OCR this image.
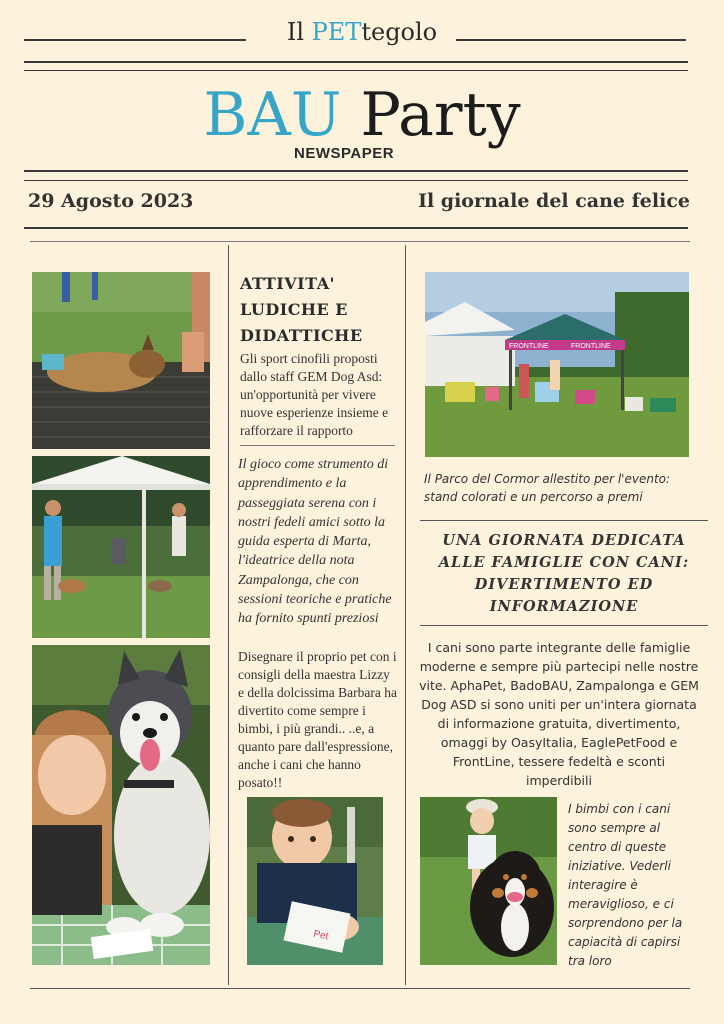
Il PETtegolo
BAU Party
NEWSPAPER
29 Agosto 2023	Il giornale del cane felice
ATTIVITA'
LUDICHE E
DIDATTICHE
Gli sport cinofili proposti dallo staff GEM Dog Asd: un'opportunità per vivere nuove esperienze insieme e rafforzare il rapporto
Il gioco come strumento di apprendimento e la passeggiata serena con i nostri fedeli amici sotto la guida esperta di Marta, l'ideatrice della nota Zampalonga, che con sessioni teoriche e pratiche ha fornito spunti preziosi
Disegnare il proprio pet con i consigli della maestra Lizzy e della dolcissima Barbara ha divertito come sempre i bimbi, i più grandi.. ..e, a quanto pare dall'espressione, anche i cani che hanno posato!!
Pet
FRONTLINE	FRONTLINE
Il Parco del Cormor allestito per l'evento: stand colorati e un percorso a premi
UNA GIORNATA DEDICATA
ALLE FAMIGLIE CON CANI:
DIVERTIMENTO ED
INFORMAZIONE
I cani sono parte integrante delle famiglie moderne e sempre più partecipi nelle nostre vite. AphaPet, BadoBAU, Zampalonga e GEM Dog ASD si sono uniti per un'intera giornata di informazione gratuita, divertimento, omaggi by OasyItalia, EaglePetFood e FrontLine, tessere fedeltà e sconti imperdibili
I bimbi con i cani sono sempre al centro di queste iniziative. Vederli interagire è meraviglioso, e ci sorprendono per la capiacità di capirsi tra loro
